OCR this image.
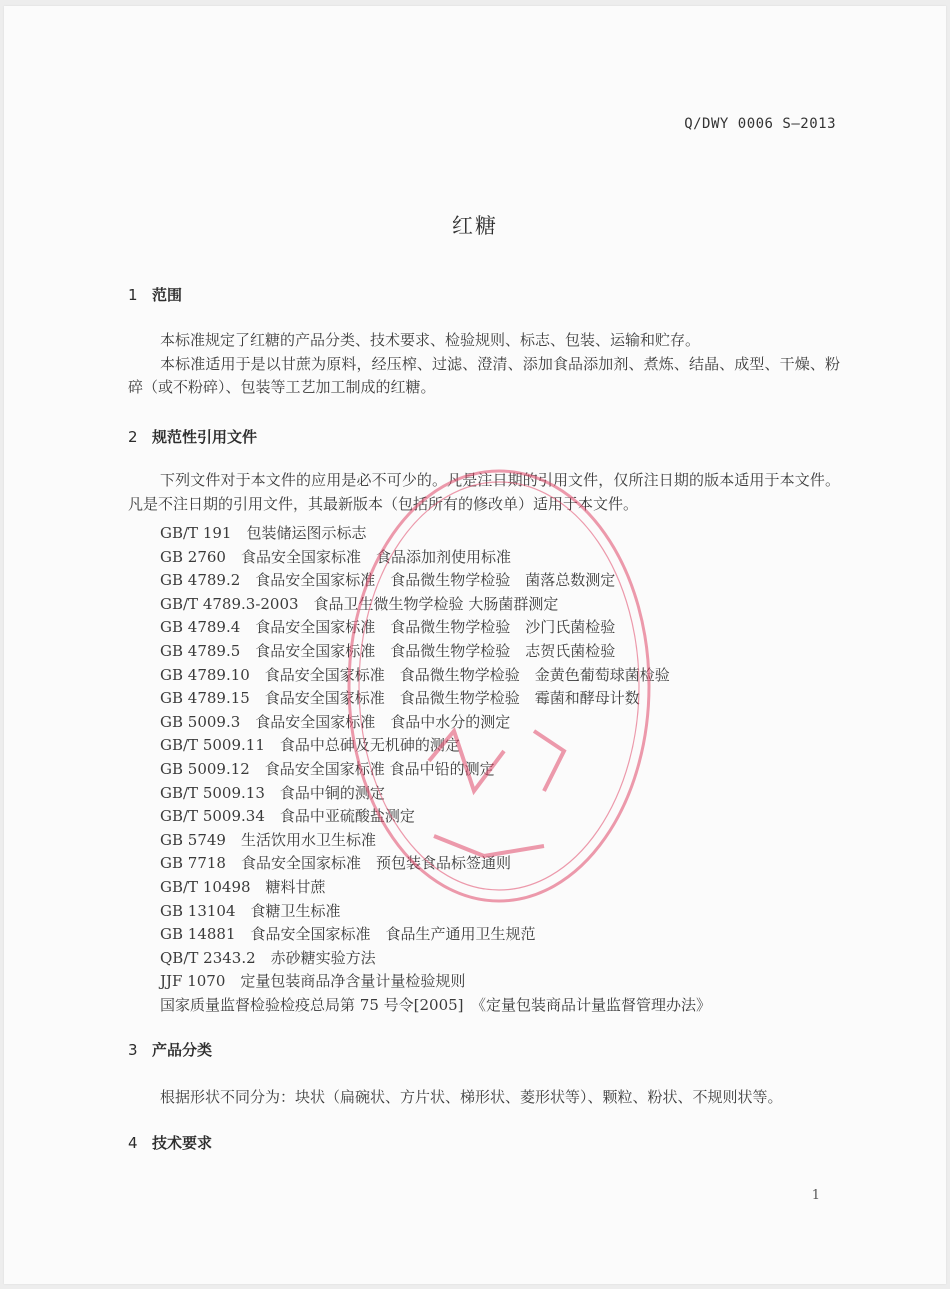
Q/DWY 0006 S—2013
红糖
1 范围

本标准规定了红糖的产品分类、技术要求、检验规则、标志、包装、运输和贮存。

本标准适用于是以甘蔗为原料，经压榨、过滤、澄清、添加食品添加剂、煮炼、结晶、成型、干燥、粉碎（或不粉碎）、包装等工艺加工制成的红糖。

2 规范性引用文件

下列文件对于本文件的应用是必不可少的。凡是注日期的引用文件，仅所注日期的版本适用于本文件。凡是不注日期的引用文件，其最新版本（包括所有的修改单）适用于本文件。

GB/T 191　包装储运图示标志
GB 2760　食品安全国家标准　食品添加剂使用标准
GB 4789.2　食品安全国家标准　食品微生物学检验　菌落总数测定
GB/T 4789.3-2003　食品卫生微生物学检验 大肠菌群测定
GB 4789.4　食品安全国家标准　食品微生物学检验　沙门氏菌检验
GB 4789.5　食品安全国家标准　食品微生物学检验　志贺氏菌检验
GB 4789.10　食品安全国家标准　食品微生物学检验　金黄色葡萄球菌检验
GB 4789.15　食品安全国家标准　食品微生物学检验　霉菌和酵母计数
GB 5009.3　食品安全国家标准　食品中水分的测定
GB/T 5009.11　食品中总砷及无机砷的测定
GB 5009.12　食品安全国家标准 食品中铅的测定
GB/T 5009.13　食品中铜的测定
GB/T 5009.34　食品中亚硫酸盐测定
GB 5749　生活饮用水卫生标准
GB 7718　食品安全国家标准　预包装食品标签通则
GB/T 10498　糖料甘蔗
GB 13104　食糖卫生标准
GB 14881　食品安全国家标准　食品生产通用卫生规范
QB/T 2343.2　赤砂糖实验方法
JJF 1070　定量包装商品净含量计量检验规则
国家质量监督检验检疫总局第 75 号令[2005]　《定量包装商品计量监督管理办法》
3 产品分类

根据形状不同分为：块状（扁碗状、方片状、梯形状、菱形状等）、颗粒、粉状、不规则状等。

4 技术要求
1
